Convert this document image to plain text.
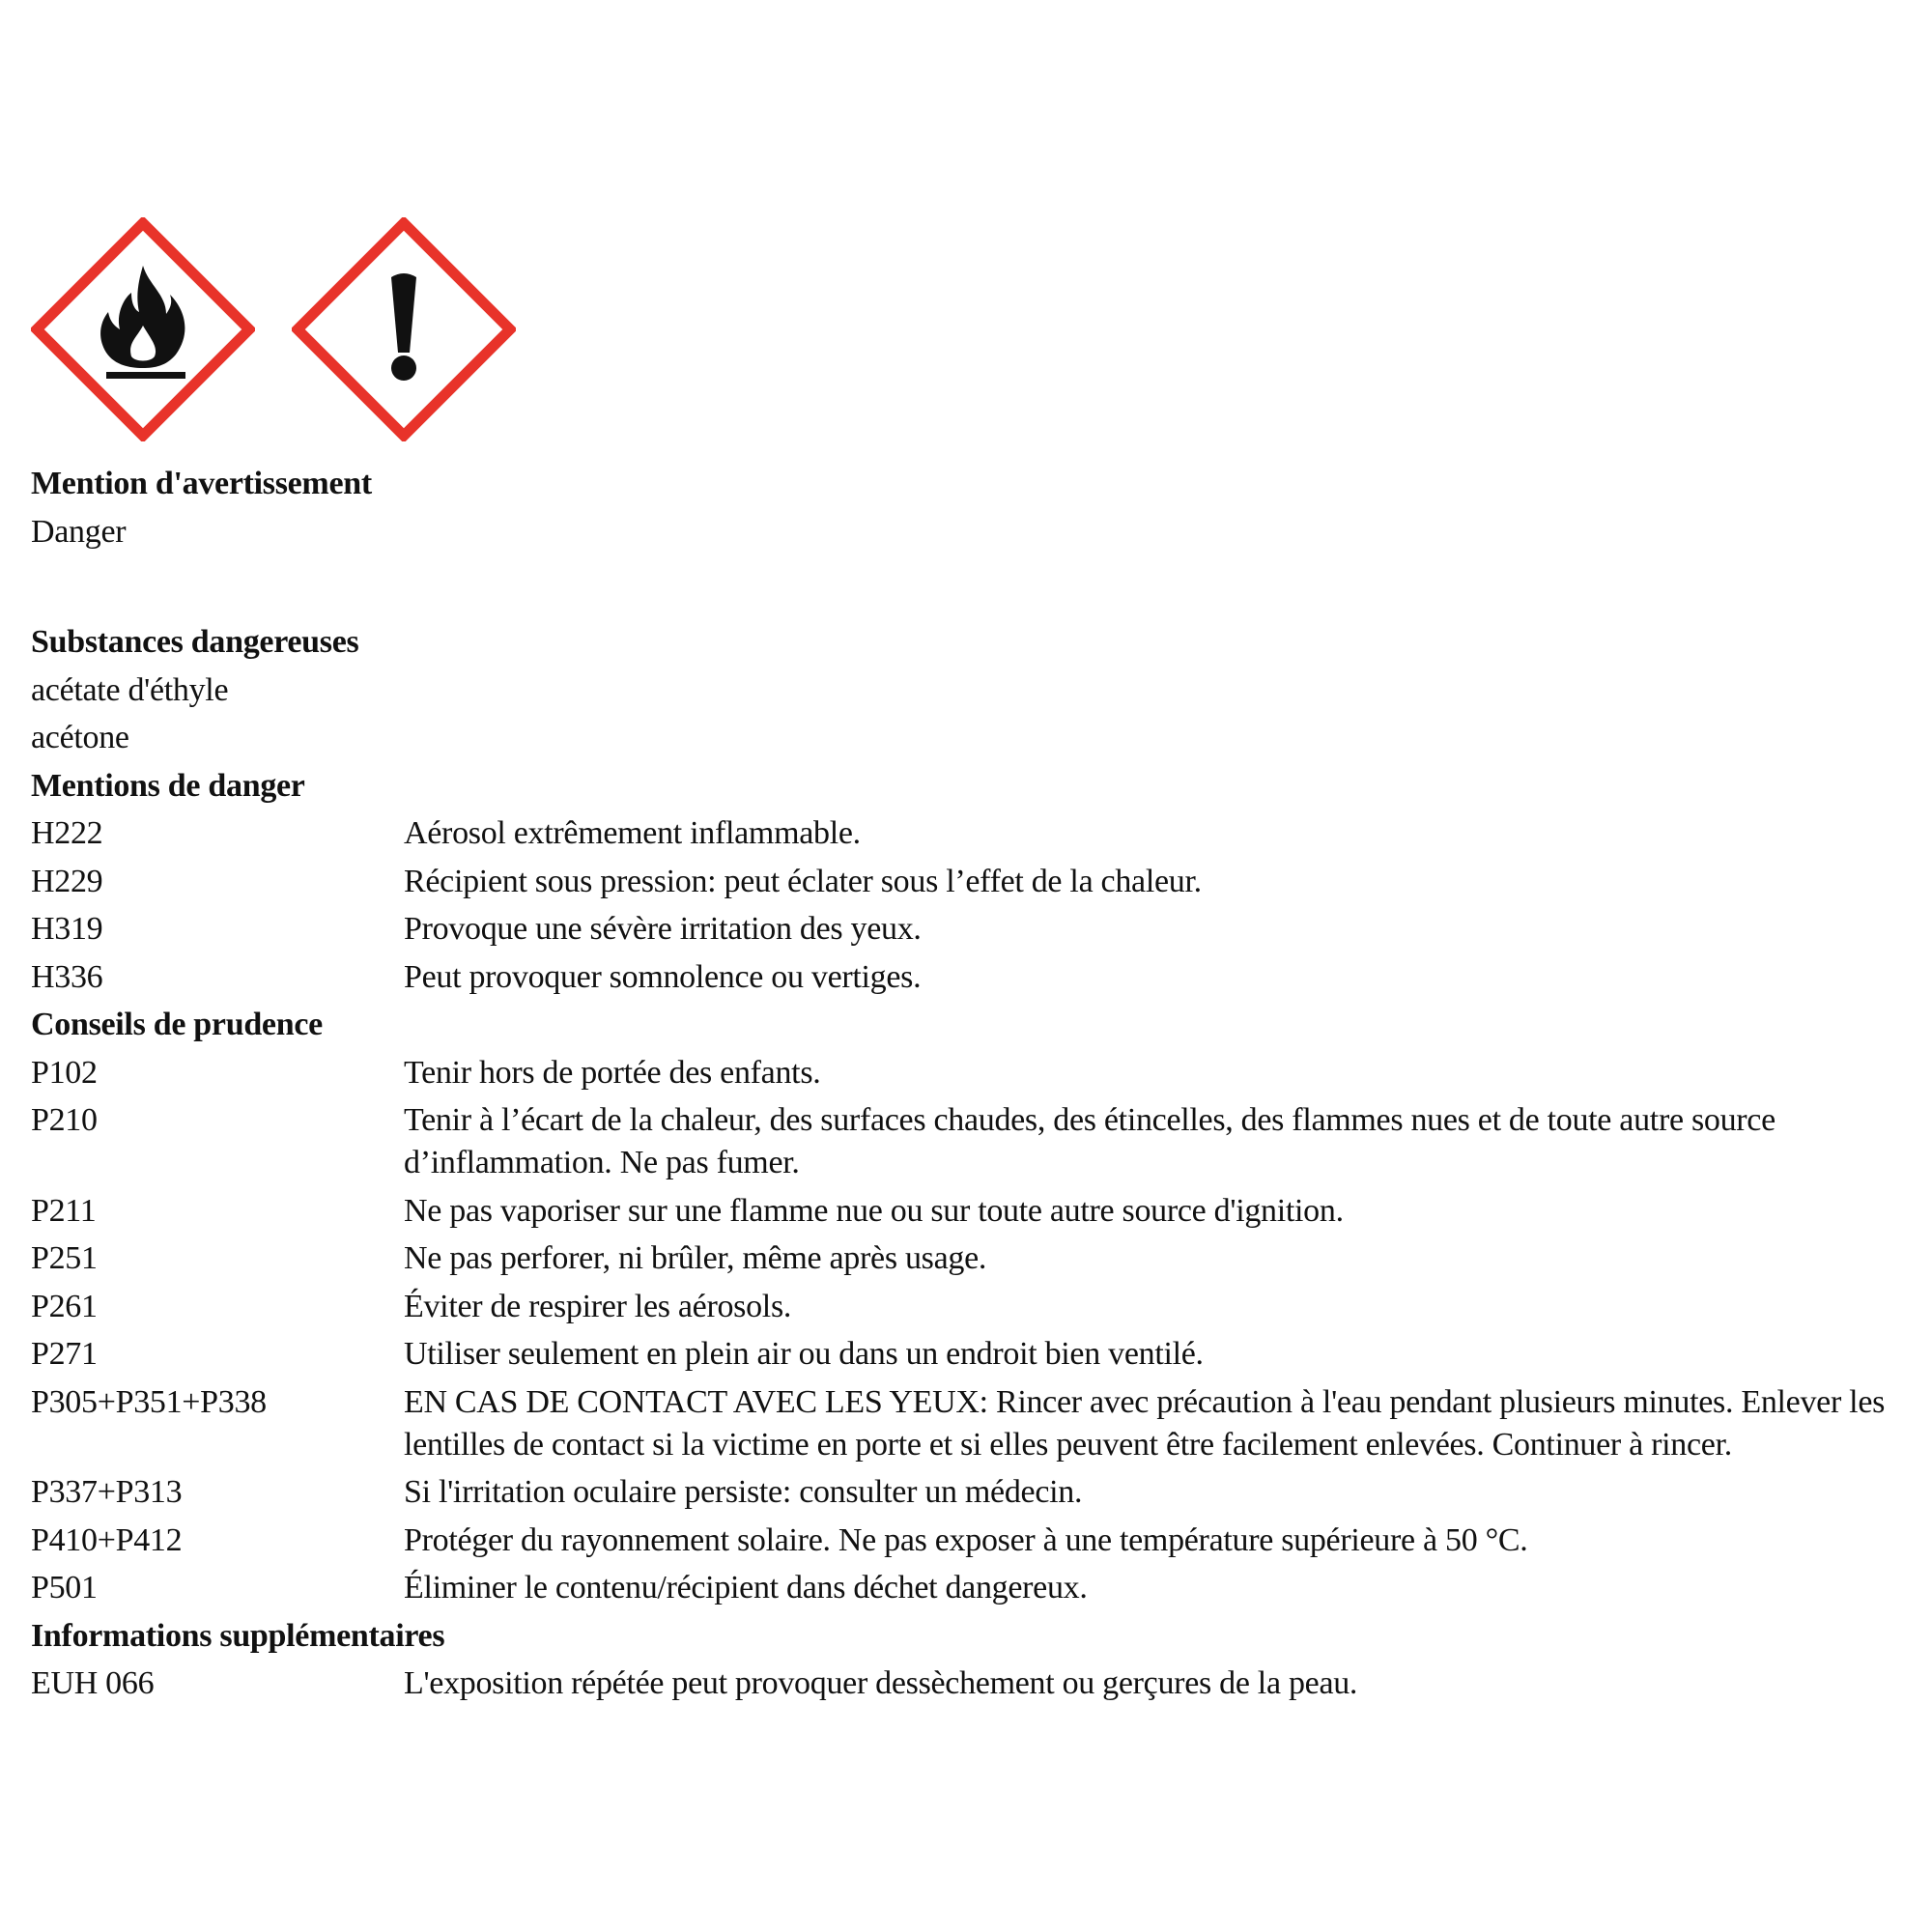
Mention d'avertissement
Danger
Substances dangereuses
acétate d'éthyle
acétone
Mentions de danger
H222	Aérosol extrêmement inflammable.
H229	Récipient sous pression: peut éclater sous l’effet de la chaleur.
H319	Provoque une sévère irritation des yeux.
H336	Peut provoquer somnolence ou vertiges.
Conseils de prudence
P102	Tenir hors de portée des enfants.
P210	Tenir à l’écart de la chaleur, des surfaces chaudes, des étincelles, des flammes nues et de toute autre source d’inflammation. Ne pas fumer.
P211	Ne pas vaporiser sur une flamme nue ou sur toute autre source d'ignition.
P251	Ne pas perforer, ni brûler, même après usage.
P261	Éviter de respirer les aérosols.
P271	Utiliser seulement en plein air ou dans un endroit bien ventilé.
P305+P351+P338	EN CAS DE CONTACT AVEC LES YEUX: Rincer avec précaution à l'eau pendant plusieurs minutes. Enlever les lentilles de contact si la victime en porte et si elles peuvent être facilement enlevées. Continuer à rincer.
P337+P313	Si l'irritation oculaire persiste: consulter un médecin.
P410+P412	Protéger du rayonnement solaire. Ne pas exposer à une température supérieure à 50 °C.
P501	Éliminer le contenu/récipient dans déchet dangereux.
Informations supplémentaires
EUH 066	L'exposition répétée peut provoquer dessèchement ou gerçures de la peau.
